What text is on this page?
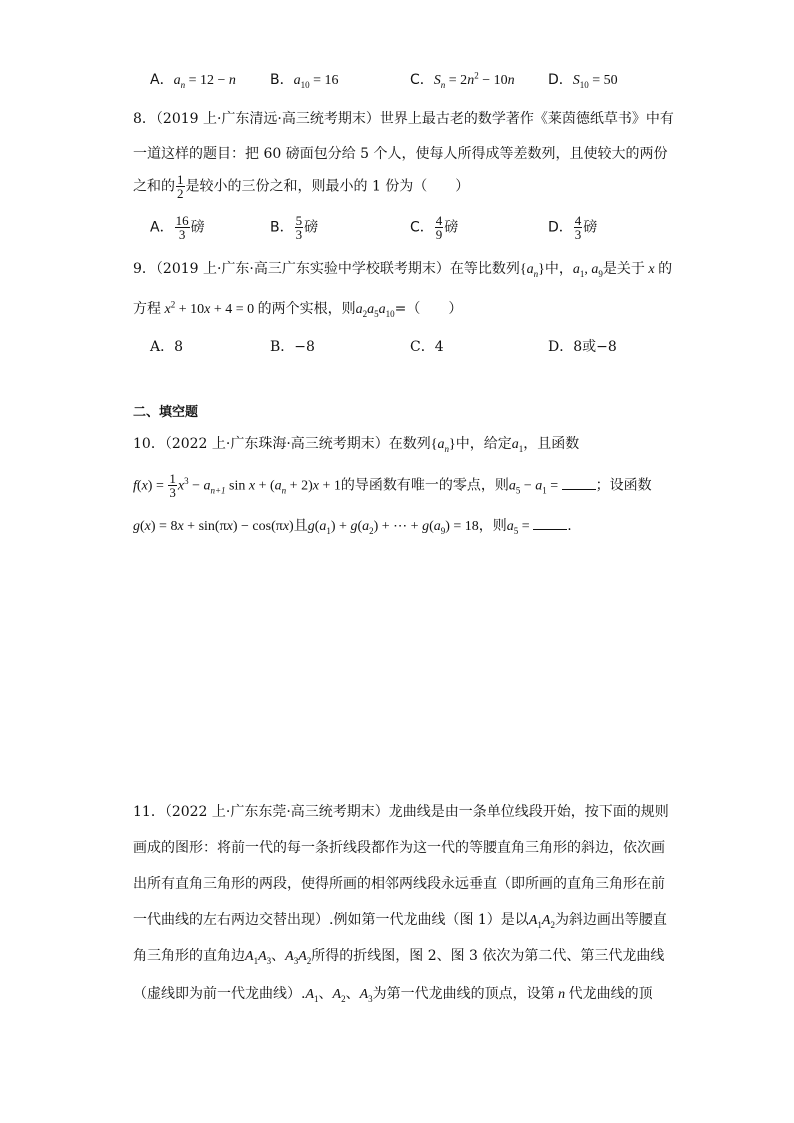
A．$a_n = 12 - n$ B．$a_{10} = 16$	C．$S_n = 2n^2 - 10n$ D．$S_{10} = 50$
8．（2019 上·广东清远·高三统考期末）世界上最古老的数学著作《莱茵德纸草书》中有
一道这样的题目：把 60 磅面包分给 5 个人，使每人所得成等差数列，且使较大的两份
之和的 $\frac{1}{2}$ 是较小的三份之和，则最小的 1 份为（　　）
A． $\frac{16}{3}$ 磅	B． $\frac{5}{3}$ 磅	C． $\frac{4}{9}$ 磅	D． $\frac{4}{3}$ 磅
9．（2019 上·广东·高三广东实验中学校联考期末）在等比数列$\{a_n\}$中，$a_1$, $a_9$是关于 x 的
方程 $x^2 + 10x + 4 = 0$ 的两个实根，则$a_2a_5a_{10}=$（　　）
A．8	B．−8	C．4	D．8或−8
二、填空题
10．（2022 上·广东珠海·高三统考期末）在数列$\{a_n\}$中，给定$a_1$，且函数
$f(x) = \frac{1}{3} x^3 - a_{n+1}$ $\sin x + (a_n + 2)x + 1$的导函数有唯一的零点，则$a_5 - a_1$ = ；设函数
g(x) = 8x + sin(πx) − cos(πx)且$g(a_1) + g(a_2)$ + ⋯ + $g(a_9) = 18$，则$a_5$ = .
11．（2022 上·广东东莞·高三统考期末）龙曲线是由一条单位线段开始，按下面的规则
画成的图形：将前一代的每一条折线段都作为这一代的等腰直角三角形的斜边，依次画
出所有直角三角形的两段，使得所画的相邻两线段永远垂直（即所画的直角三角形在前
一代曲线的左右两边交替出现）.例如第一代龙曲线（图 1）是以$A_1A_2$为斜边画出等腰直
角三角形的直角边$A_1A_3$、$A_3A_2$所得的折线图，图 2、图 3 依次为第二代、第三代龙曲线
（虚线即为前一代龙曲线）$.A_1$、$A_2$、$A_3$为第一代龙曲线的顶点，设第 n 代龙曲线的顶
